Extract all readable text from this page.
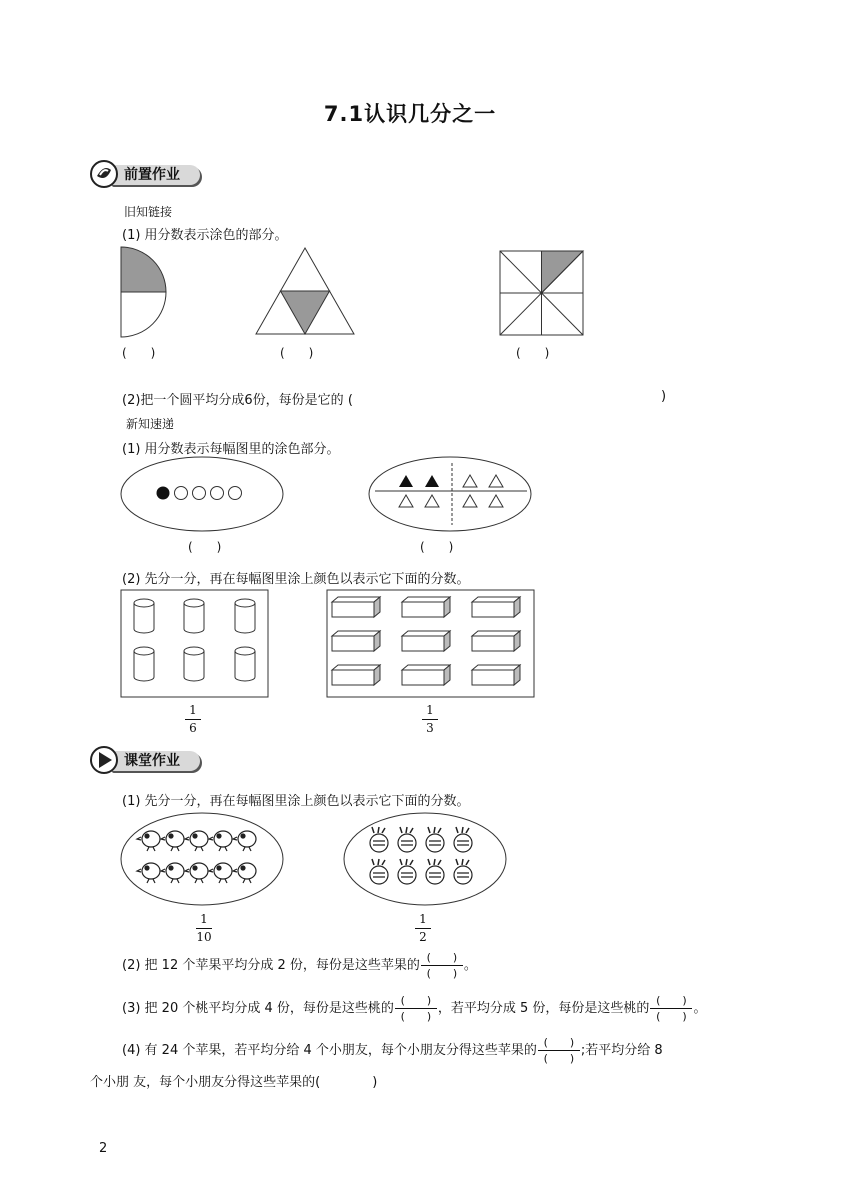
7.1认识几分之一
前置作业
旧知链接
(1) 用分数表示涂色的部分。
(　　)	(　　)	(　　)
(2)把一个圆平均分成6份，每份是它的 (	)
新知速递
(1) 用分数表示每幅图里的涂色部分。
(　　)	(　　)
(2) 先分一分，再在每幅图里涂上颜色以表示它下面的分数。
1
6
1
3
课堂作业
(1) 先分一分，再在每幅图里涂上颜色以表示它下面的分数。
1
10
1
2
(2) 把 12 个苹果平均分成 2 份，每份是这些苹果的
(　　)
(　　)
。
(3) 把 20 个桃平均分成 4 份，每份是这些桃的
(　　)
(　　)
，若平均分成 5 份，每份是这些桃的
(　　)
(　　)
。
(4) 有 24 个苹果，若平均分给 4 个小朋友，每个小朋友分得这些苹果的
(　　)
(　　)
;若平均分给 8
个小朋 友，每个小朋友分得这些苹果的(　　　　)
2
